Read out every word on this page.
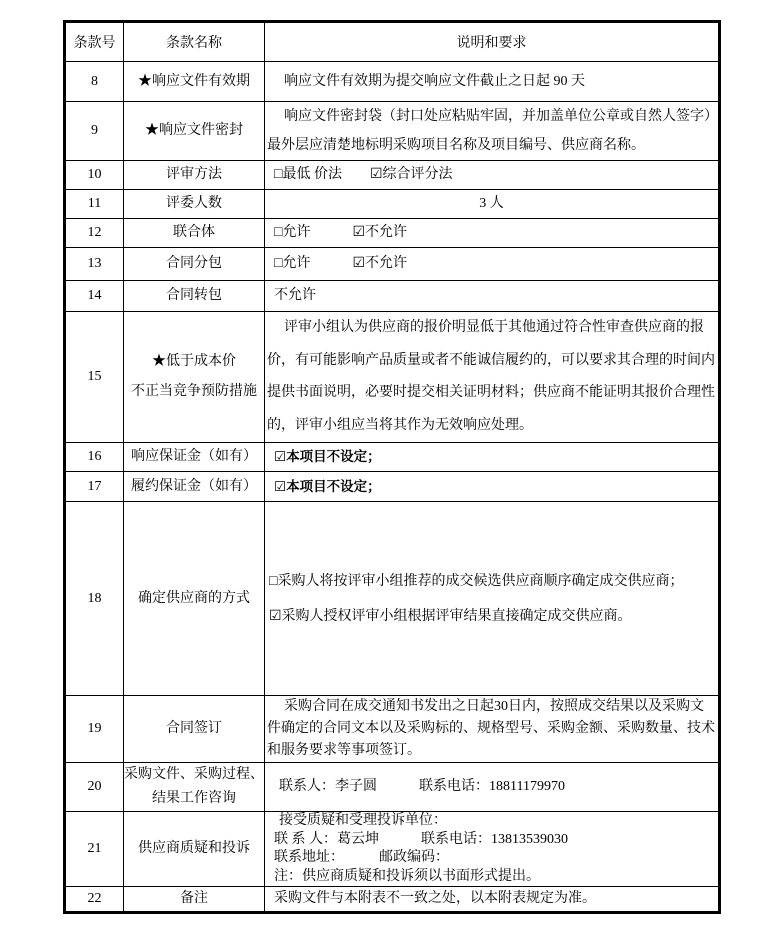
条款号	条款名称	说明和要求
8	★响应文件有效期	响应文件有效期为提交响应文件截止之日起 90 天

9	★响应文件密封	响应文件密封袋（封口处应粘贴牢固，并加盖单位公章或自然人签字）最外层应清楚地标明采购项目名称及项目编号、供应商名称。

10	评审方法	□最低 价法　　☑综合评分法

11	评委人数	3 人

12	联合体	□允许　　　☑不允许

13	合同分包	□允许　　　☑不允许

14	合同转包	不允许

15	★低于成本价
不正当竞争预防措施	评审小组认为供应商的报价明显低于其他通过符合性审查供应商的报价，有可能影响产品质量或者不能诚信履约的，可以要求其合理的时间内提供书面说明，必要时提交相关证明材料；供应商不能证明其报价合理性的，评审小组应当将其作为无效响应处理。

16	响应保证金（如有）	☑本项目不设定；

17	履约保证金（如有）	☑本项目不设定；

18	确定供应商的方式	□采购人将按评审小组推荐的成交候选供应商顺序确定成交供应商；
☑采购人授权评审小组根据评审结果直接确定成交供应商。

19	合同签订	采购合同在成交通知书发出之日起30日内，按照成交结果以及采购文件确定的合同文本以及采购标的、规格型号、采购金额、采购数量、技术和服务要求等事项签订。

20	采购文件、采购过程、
结果工作咨询	联系人：李子圆　　　联系电话：18811179970

21	供应商质疑和投诉	接受质疑和受理投诉单位：
联 系 人：葛云坤　　　联系电话：13813539030
联系地址：　　　邮政编码：
注：供应商质疑和投诉须以书面形式提出。

22	备注	采购文件与本附表不一致之处，以本附表规定为准。
